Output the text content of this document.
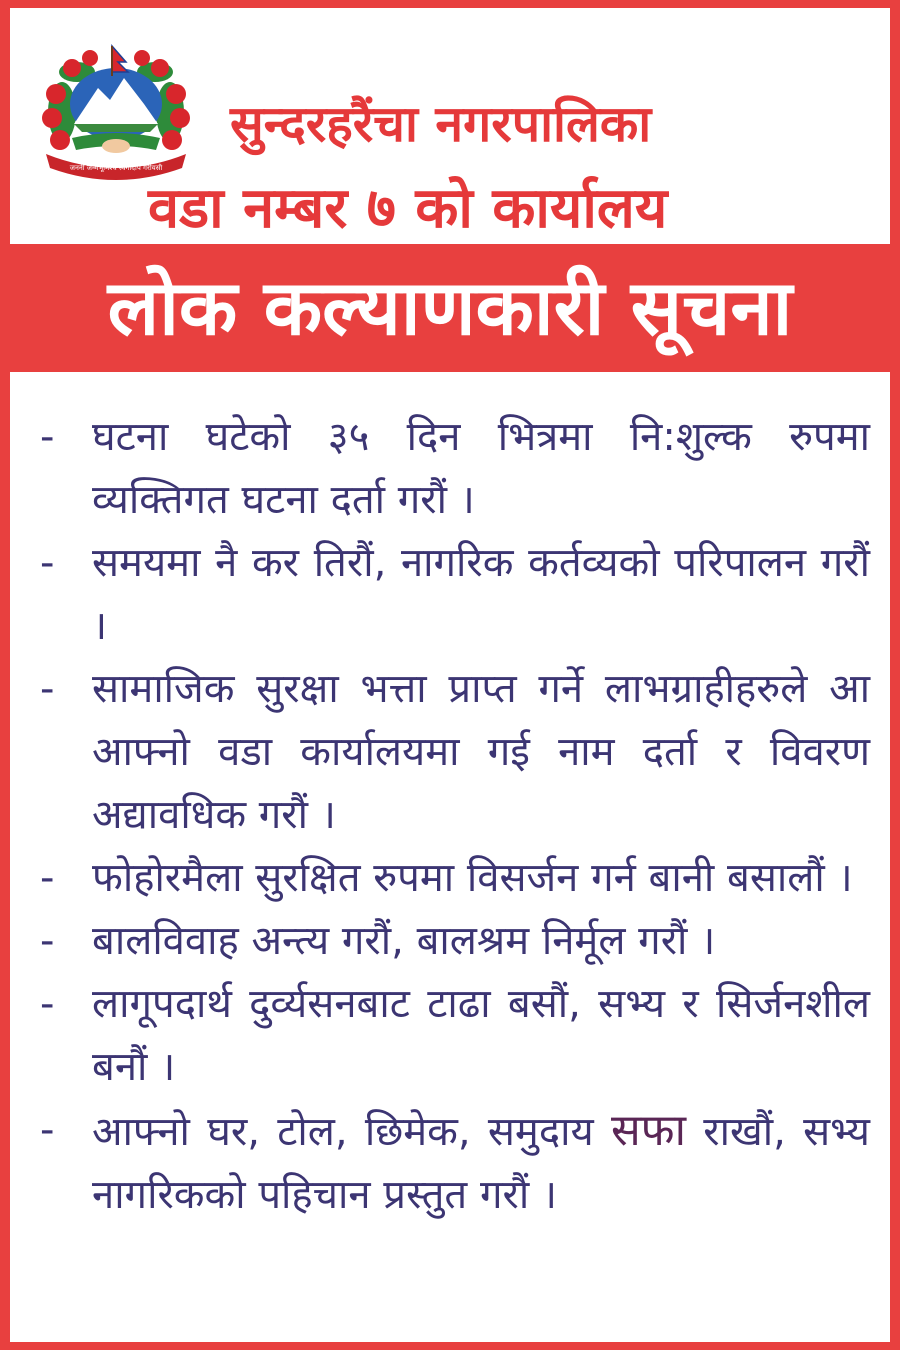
जननी जन्मभूमिश्च स्वर्गादपि गरीयसी
सुन्दरहरैंचा नगरपालिका
वडा नम्बर ७ को कार्यालय
लोक कल्याणकारी सूचना
- घटना घटेको ३५ दिन भित्रमा नि:शुल्क रुपमा व्यक्तिगत घटना दर्ता गरौं ।
- समयमा नै कर तिरौं, नागरिक कर्तव्यको परिपालन गरौं ।
- सामाजिक सुरक्षा भत्ता प्राप्त गर्ने लाभग्राहीहरुले आ आफ्नो वडा कार्यालयमा गई नाम दर्ता र विवरण अद्यावधिक गरौं ।
- फोहोरमैला सुरक्षित रुपमा विसर्जन गर्न बानी बसालौं ।
- बालविवाह अन्त्य गरौं, बालश्रम निर्मूल गरौं ।
- लागूपदार्थ दुर्व्यसनबाट टाढा बसौं, सभ्य र सिर्जनशील बनौं ।
- आफ्नो घर, टोल, छिमेक, समुदाय सफा राखौं, सभ्य नागरिकको पहिचान प्रस्तुत गरौं ।
